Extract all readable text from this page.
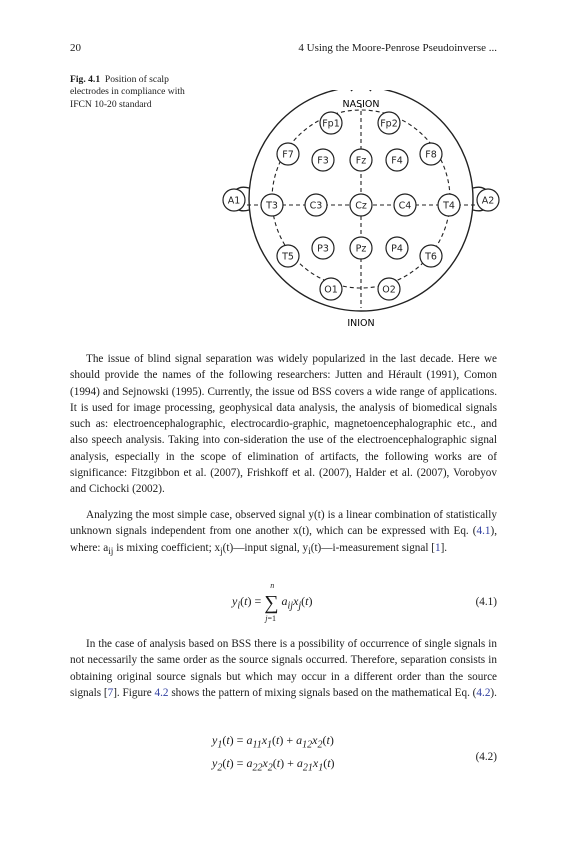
20	4 Using the Moore-Penrose Pseudoinverse ...
Fig. 4.1 Position of scalp electrodes in compliance with IFCN 10-20 standard
Fp1	Fp2
F7
F3	Fz	F4
F8
A1	T3	C3	Cz	C4	T4	A2
T5
P3	Pz	P4
T6
O1	O2
NASION
INION

The issue of blind signal separation was widely popularized in the last decade. Here we should provide the names of the following researchers: Jutten and Hérault (1991), Comon (1994) and Sejnowski (1995). Currently, the issue od BSS covers a wide range of applications. It is used for image processing, geophysical data analysis, the analysis of biomedical signals such as: electroencephalographic, electrocardio-graphic, magnetoencephalographic etc., and also speech analysis. Taking into con-sideration the use of the electroencephalographic signal analysis, especially in the scope of elimination of artifacts, the following works are of significance: Fitzgibbon et al. (2007), Frishkoff et al. (2007), Halder et al. (2007), Vorobyov and Cichocki (2002).

Analyzing the most simple case, observed signal y(t) is a linear combination of statistically unknown signals independent from one another x(t), which can be expressed with Eq. (4.1), where: $a_{ij}$ is mixing coefficient; $x_j(t)—input$ signal, $y_i(t)—i$-measurement signal [1].

$y_i(t)$ = ∑
n
j=1
$a_{ij}x_j(t)$	(4.1)

In the case of analysis based on BSS there is a possibility of occurrence of single signals in not necessarily the same order as the source signals occurred. Therefore, separation consists in obtaining original source signals but which may occur in a different order than the source signals [7]. Figure 4.2 shows the pattern of mixing signals based on the mathematical Eq. (4.2).

$y_1(t) = a_{11}x_1(t) + a_{12}x_2(t)$
$y_2(t) = a_{22}x_2(t) + a_{21}x_1(t)$	(4.2)
